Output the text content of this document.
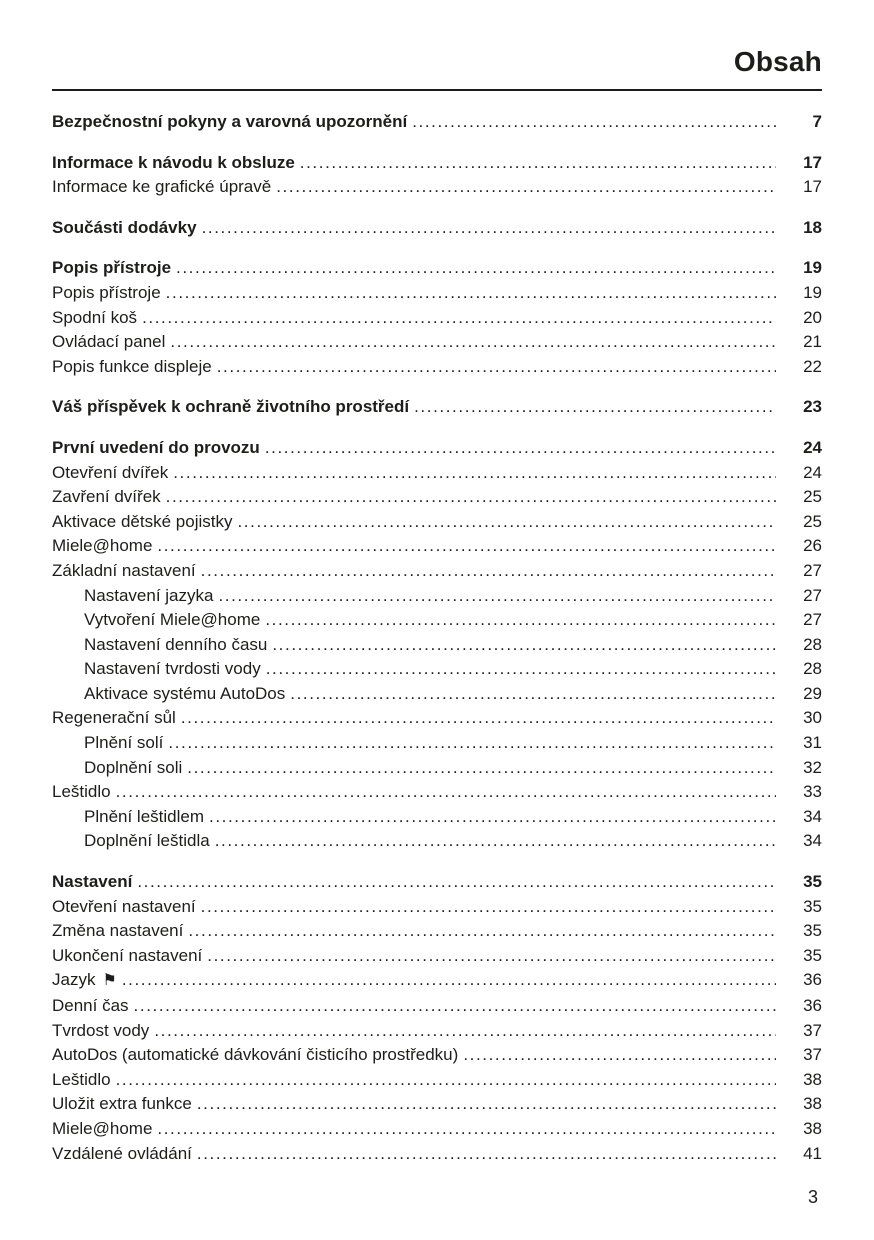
Obsah
Bezpečnostní pokyny a varovná upozornění .....	7
Informace k návodu k obsluze .....	17
Informace ke grafické úpravě .....	17
Součásti dodávky .....	18
Popis přístroje .....	19
Popis přístroje .....	19
Spodní koš .....	20
Ovládací panel .....	21
Popis funkce displeje .....	22
Váš příspěvek k ochraně životního prostředí .....	23
První uvedení do provozu .....	24
Otevření dvířek .....	24
Zavření dvířek .....	25
Aktivace dětské pojistky .....	25
Miele@home .....	26
Základní nastavení .....	27
Nastavení jazyka .....	27
Vytvoření Miele@home .....	27
Nastavení denního času .....	28
Nastavení tvrdosti vody .....	28
Aktivace systému AutoDos .....	29
Regenerační sůl .....	30
Plnění solí .....	31
Doplnění soli .....	32
Leštidlo .....	33
Plnění leštidlem .....	34
Doplnění leštidla .....	34
Nastavení .....	35
Otevření nastavení .....	35
Změna nastavení .....	35
Ukončení nastavení .....	35
Jazyk ⚑ .....	36
Denní čas .....	36
Tvrdost vody .....	37
AutoDos (automatické dávkování čisticího prostředku) .....	37
Leštidlo .....	38
Uložit extra funkce .....	38
Miele@home .....	38
Vzdálené ovládání .....	41
3
